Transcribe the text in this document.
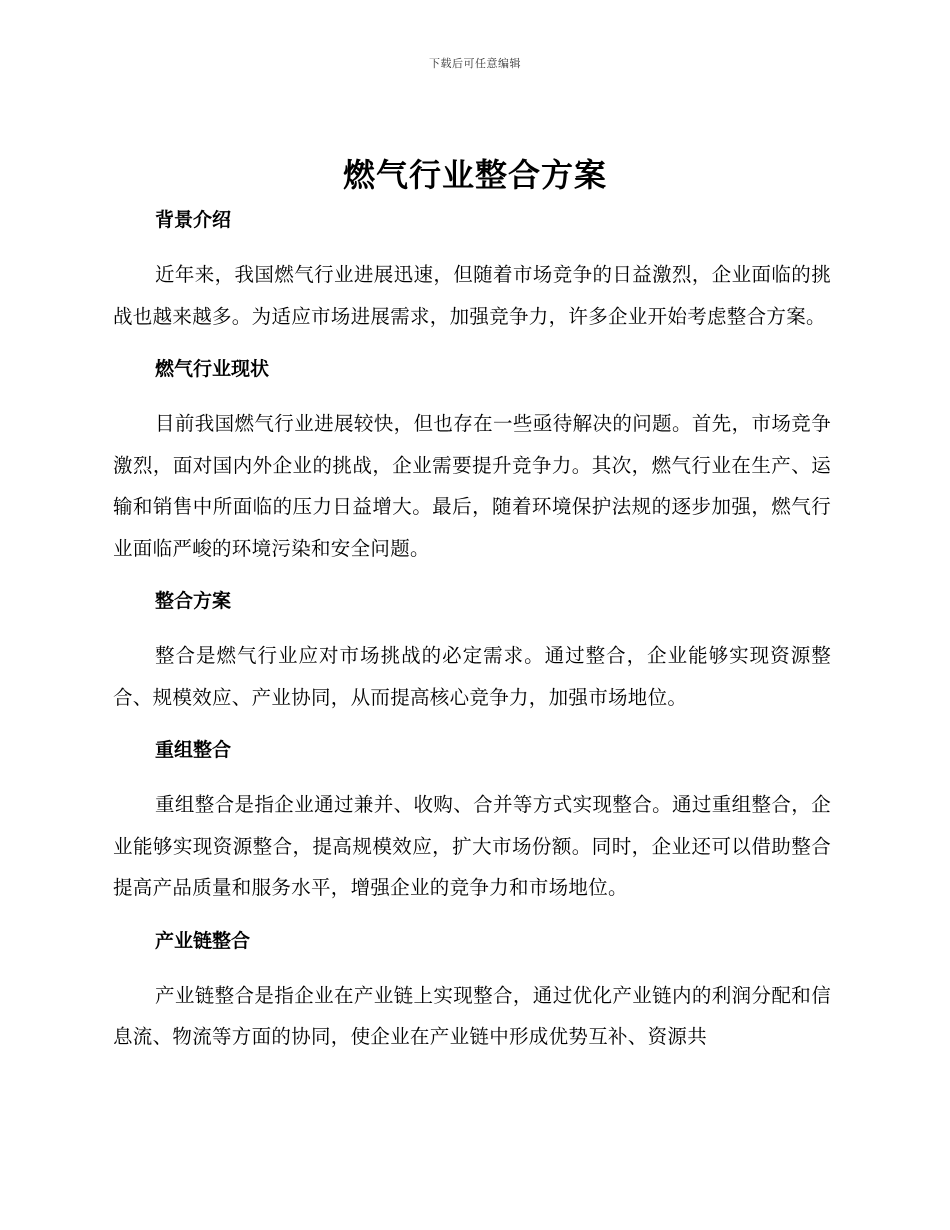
下载后可任意编辑
燃气行业整合方案
背景介绍

近年来，我国燃气行业进展迅速，但随着市场竞争的日益激烈，企业面临的挑战也越来越多。为适应市场进展需求，加强竞争力，许多企业开始考虑整合方案。

燃气行业现状

目前我国燃气行业进展较快，但也存在一些亟待解决的问题。首先，市场竞争激烈，面对国内外企业的挑战，企业需要提升竞争力。其次，燃气行业在生产、运输和销售中所面临的压力日益增大。最后，随着环境保护法规的逐步加强，燃气行业面临严峻的环境污染和安全问题。

整合方案

整合是燃气行业应对市场挑战的必定需求。通过整合，企业能够实现资源整合、规模效应、产业协同，从而提高核心竞争力，加强市场地位。

重组整合

重组整合是指企业通过兼并、收购、合并等方式实现整合。通过重组整合，企业能够实现资源整合，提高规模效应，扩大市场份额。同时，企业还可以借助整合提高产品质量和服务水平，增强企业的竞争力和市场地位。

产业链整合

产业链整合是指企业在产业链上实现整合，通过优化产业链内的利润分配和信息流、物流等方面的协同，使企业在产业链中形成优势互补、资源共
